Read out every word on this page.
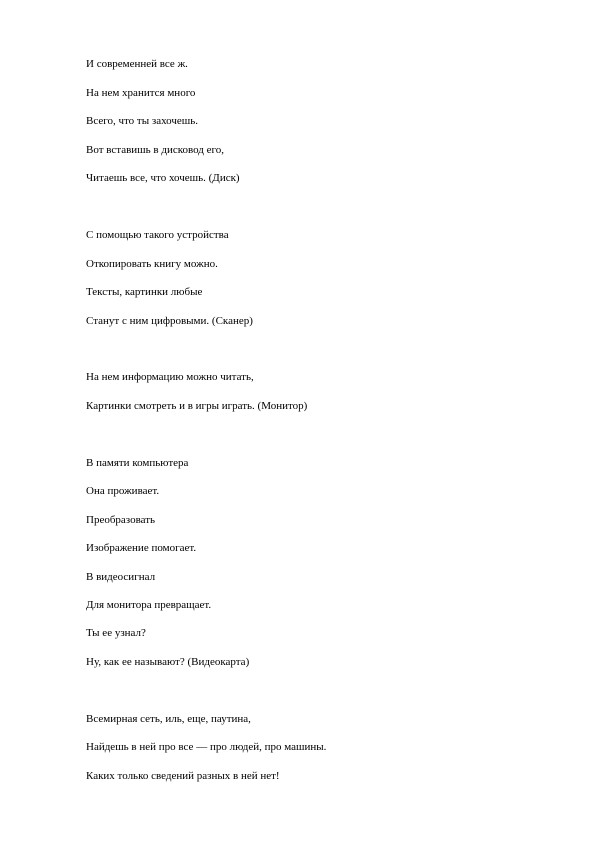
И современней все ж.
На нем хранится много
Всего, что ты захочешь.
Вот вставишь в дисковод его,
Читаешь все, что хочешь. (Диск)
С помощью такого устройства
Откопировать книгу можно.
Тексты, картинки любые
Станут с ним цифровыми. (Сканер)
На нем информацию можно читать,
Картинки смотреть и в игры играть. (Монитор)
В памяти компьютера
Она проживает.
Преобразовать
Изображение помогает.
В видеосигнал
Для монитора превращает.
Ты ее узнал?
Ну, как ее называют? (Видеокарта)
Всемирная сеть, иль, еще, паутина,
Найдешь в ней про все — про людей, про машины.
Каких только сведений разных в ней нет!
